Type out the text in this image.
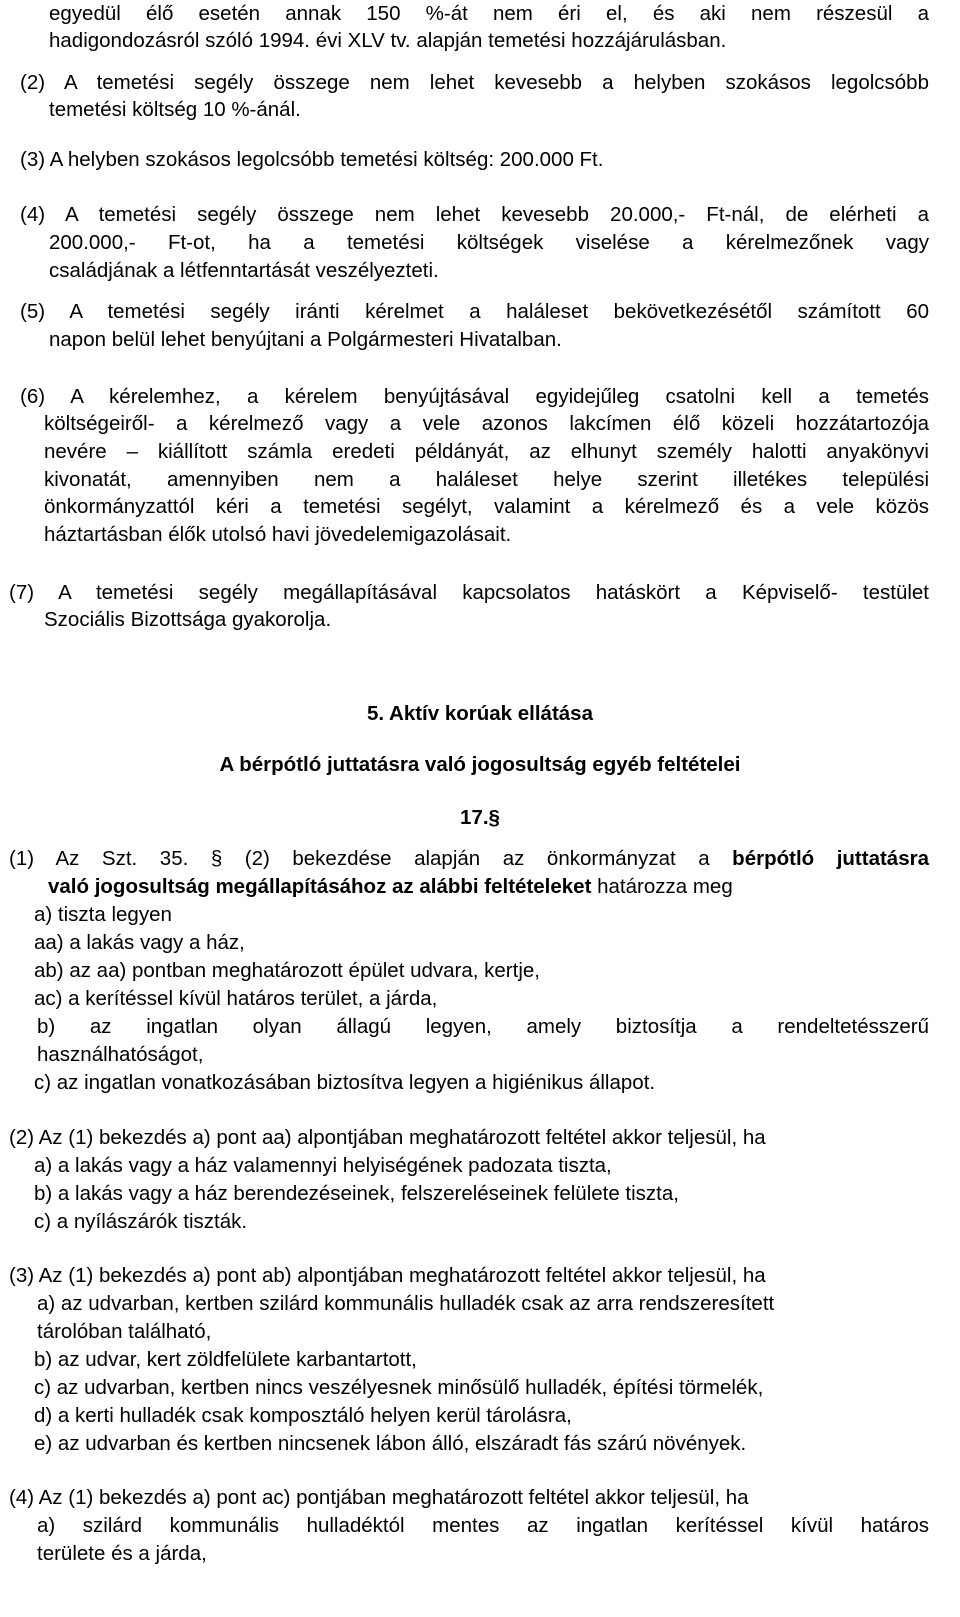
egyedül élő esetén annak 150 %-át nem éri el, és aki nem részesül a
hadigondozásról szóló 1994. évi XLV tv. alapján temetési hozzájárulásban.
(2) A temetési segély összege nem lehet kevesebb a helyben szokásos legolcsóbb
temetési költség 10 %-ánál.
(3) A helyben szokásos legolcsóbb temetési költség: 200.000 Ft.
(4) A temetési segély összege nem lehet kevesebb 20.000,- Ft-nál, de elérheti a
200.000,- Ft-ot, ha a temetési költségek viselése a kérelmezőnek vagy
családjának a létfenntartását veszélyezteti.
(5) A temetési segély iránti kérelmet a haláleset bekövetkezésétől számított 60
napon belül lehet benyújtani a Polgármesteri Hivatalban.
(6) A kérelemhez, a kérelem benyújtásával egyidejűleg csatolni kell a temetés
költségeiről- a kérelmező vagy a vele azonos lakcímen élő közeli hozzátartozója
nevére – kiállított számla eredeti példányát, az elhunyt személy halotti anyakönyvi
kivonatát, amennyiben nem a haláleset helye szerint illetékes települési
önkormányzattól kéri a temetési segélyt, valamint a kérelmező és a vele közös
háztartásban élők utolsó havi jövedelemigazolásait.
(7) A temetési segély megállapításával kapcsolatos hatáskört a Képviselő- testület
Szociális Bizottsága gyakorolja.
5. Aktív korúak ellátása
A bérpótló juttatásra való jogosultság egyéb feltételei
17.§
(1) Az Szt. 35. § (2) bekezdése alapján az önkormányzat a bérpótló juttatásra
való jogosultság megállapításához az alábbi feltételeket határozza meg
a) tiszta legyen
aa) a lakás vagy a ház,
ab) az aa) pontban meghatározott épület udvara, kertje,
ac) a kerítéssel kívül határos terület, a járda,
b) az ingatlan olyan állagú legyen, amely biztosítja a rendeltetésszerű
használhatóságot,
c) az ingatlan vonatkozásában biztosítva legyen a higiénikus állapot.
(2) Az (1) bekezdés a) pont aa) alpontjában meghatározott feltétel akkor teljesül, ha
a) a lakás vagy a ház valamennyi helyiségének padozata tiszta,
b) a lakás vagy a ház berendezéseinek, felszereléseinek felülete tiszta,
c) a nyílászárók tiszták.
(3) Az (1) bekezdés a) pont ab) alpontjában meghatározott feltétel akkor teljesül, ha
a) az udvarban, kertben szilárd kommunális hulladék csak az arra rendszeresített
tárolóban található,
b) az udvar, kert zöldfelülete karbantartott,
c) az udvarban, kertben nincs veszélyesnek minősülő hulladék, építési törmelék,
d) a kerti hulladék csak komposztáló helyen kerül tárolásra,
e) az udvarban és kertben nincsenek lábon álló, elszáradt fás szárú növények.
(4) Az (1) bekezdés a) pont ac) pontjában meghatározott feltétel akkor teljesül, ha
a) szilárd kommunális hulladéktól mentes az ingatlan kerítéssel kívül határos
területe és a járda,
